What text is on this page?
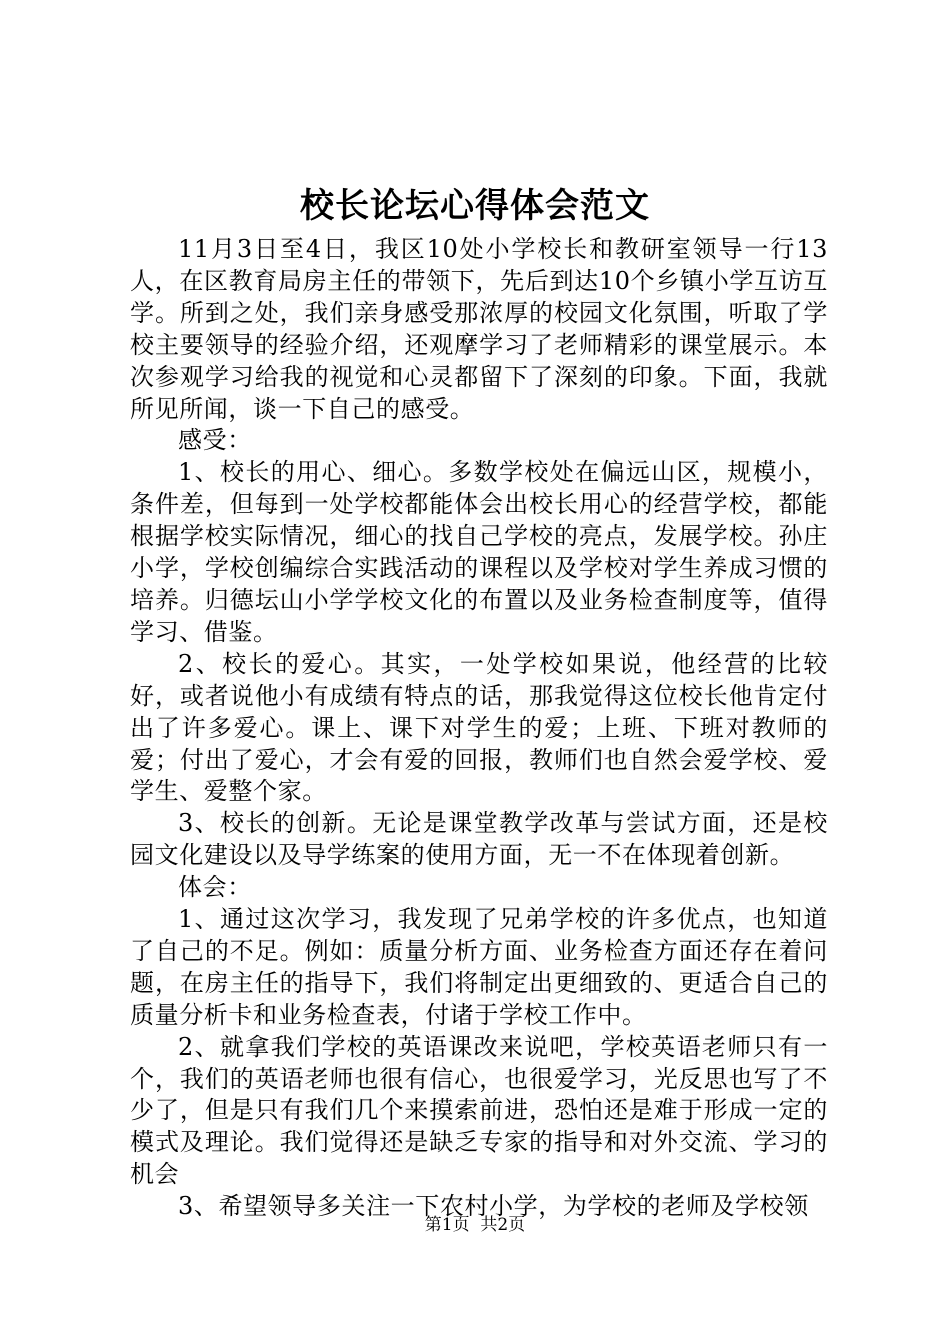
校长论坛心得体会范文

11月3日至4日，我区10处小学校长和教研室领导一行13人，在区教育局房主任的带领下，先后到达10个乡镇小学互访互学。所到之处，我们亲身感受那浓厚的校园文化氛围，听取了学校主要领导的经验介绍，还观摩学习了老师精彩的课堂展示。本次参观学习给我的视觉和心灵都留下了深刻的印象。下面，我就所见所闻，谈一下自己的感受。

感受：

1、校长的用心、细心。多数学校处在偏远山区，规模小，条件差，但每到一处学校都能体会出校长用心的经营学校，都能根据学校实际情况，细心的找自己学校的亮点，发展学校。孙庄小学，学校创编综合实践活动的课程以及学校对学生养成习惯的培养。归德坛山小学学校文化的布置以及业务检查制度等，值得学习、借鉴。

2、校长的爱心。其实，一处学校如果说，他经营的比较好，或者说他小有成绩有特点的话，那我觉得这位校长他肯定付出了许多爱心。课上、课下对学生的爱；上班、下班对教师的爱；付出了爱心，才会有爱的回报，教师们也自然会爱学校、爱学生、爱整个家。

3、校长的创新。无论是课堂教学改革与尝试方面，还是校园文化建设以及导学练案的使用方面，无一不在体现着创新。

体会：

1、通过这次学习，我发现了兄弟学校的许多优点，也知道了自己的不足。例如：质量分析方面、业务检查方面还存在着问题，在房主任的指导下，我们将制定出更细致的、更适合自己的质量分析卡和业务检查表，付诸于学校工作中。

2、就拿我们学校的英语课改来说吧，学校英语老师只有一个，我们的英语老师也很有信心，也很爱学习，光反思也写了不少了，但是只有我们几个来摸索前进，恐怕还是难于形成一定的模式及理论。我们觉得还是缺乏专家的指导和对外交流、学习的机会

3、希望领导多关注一下农村小学，为学校的老师及学校领

第1页  共2页
